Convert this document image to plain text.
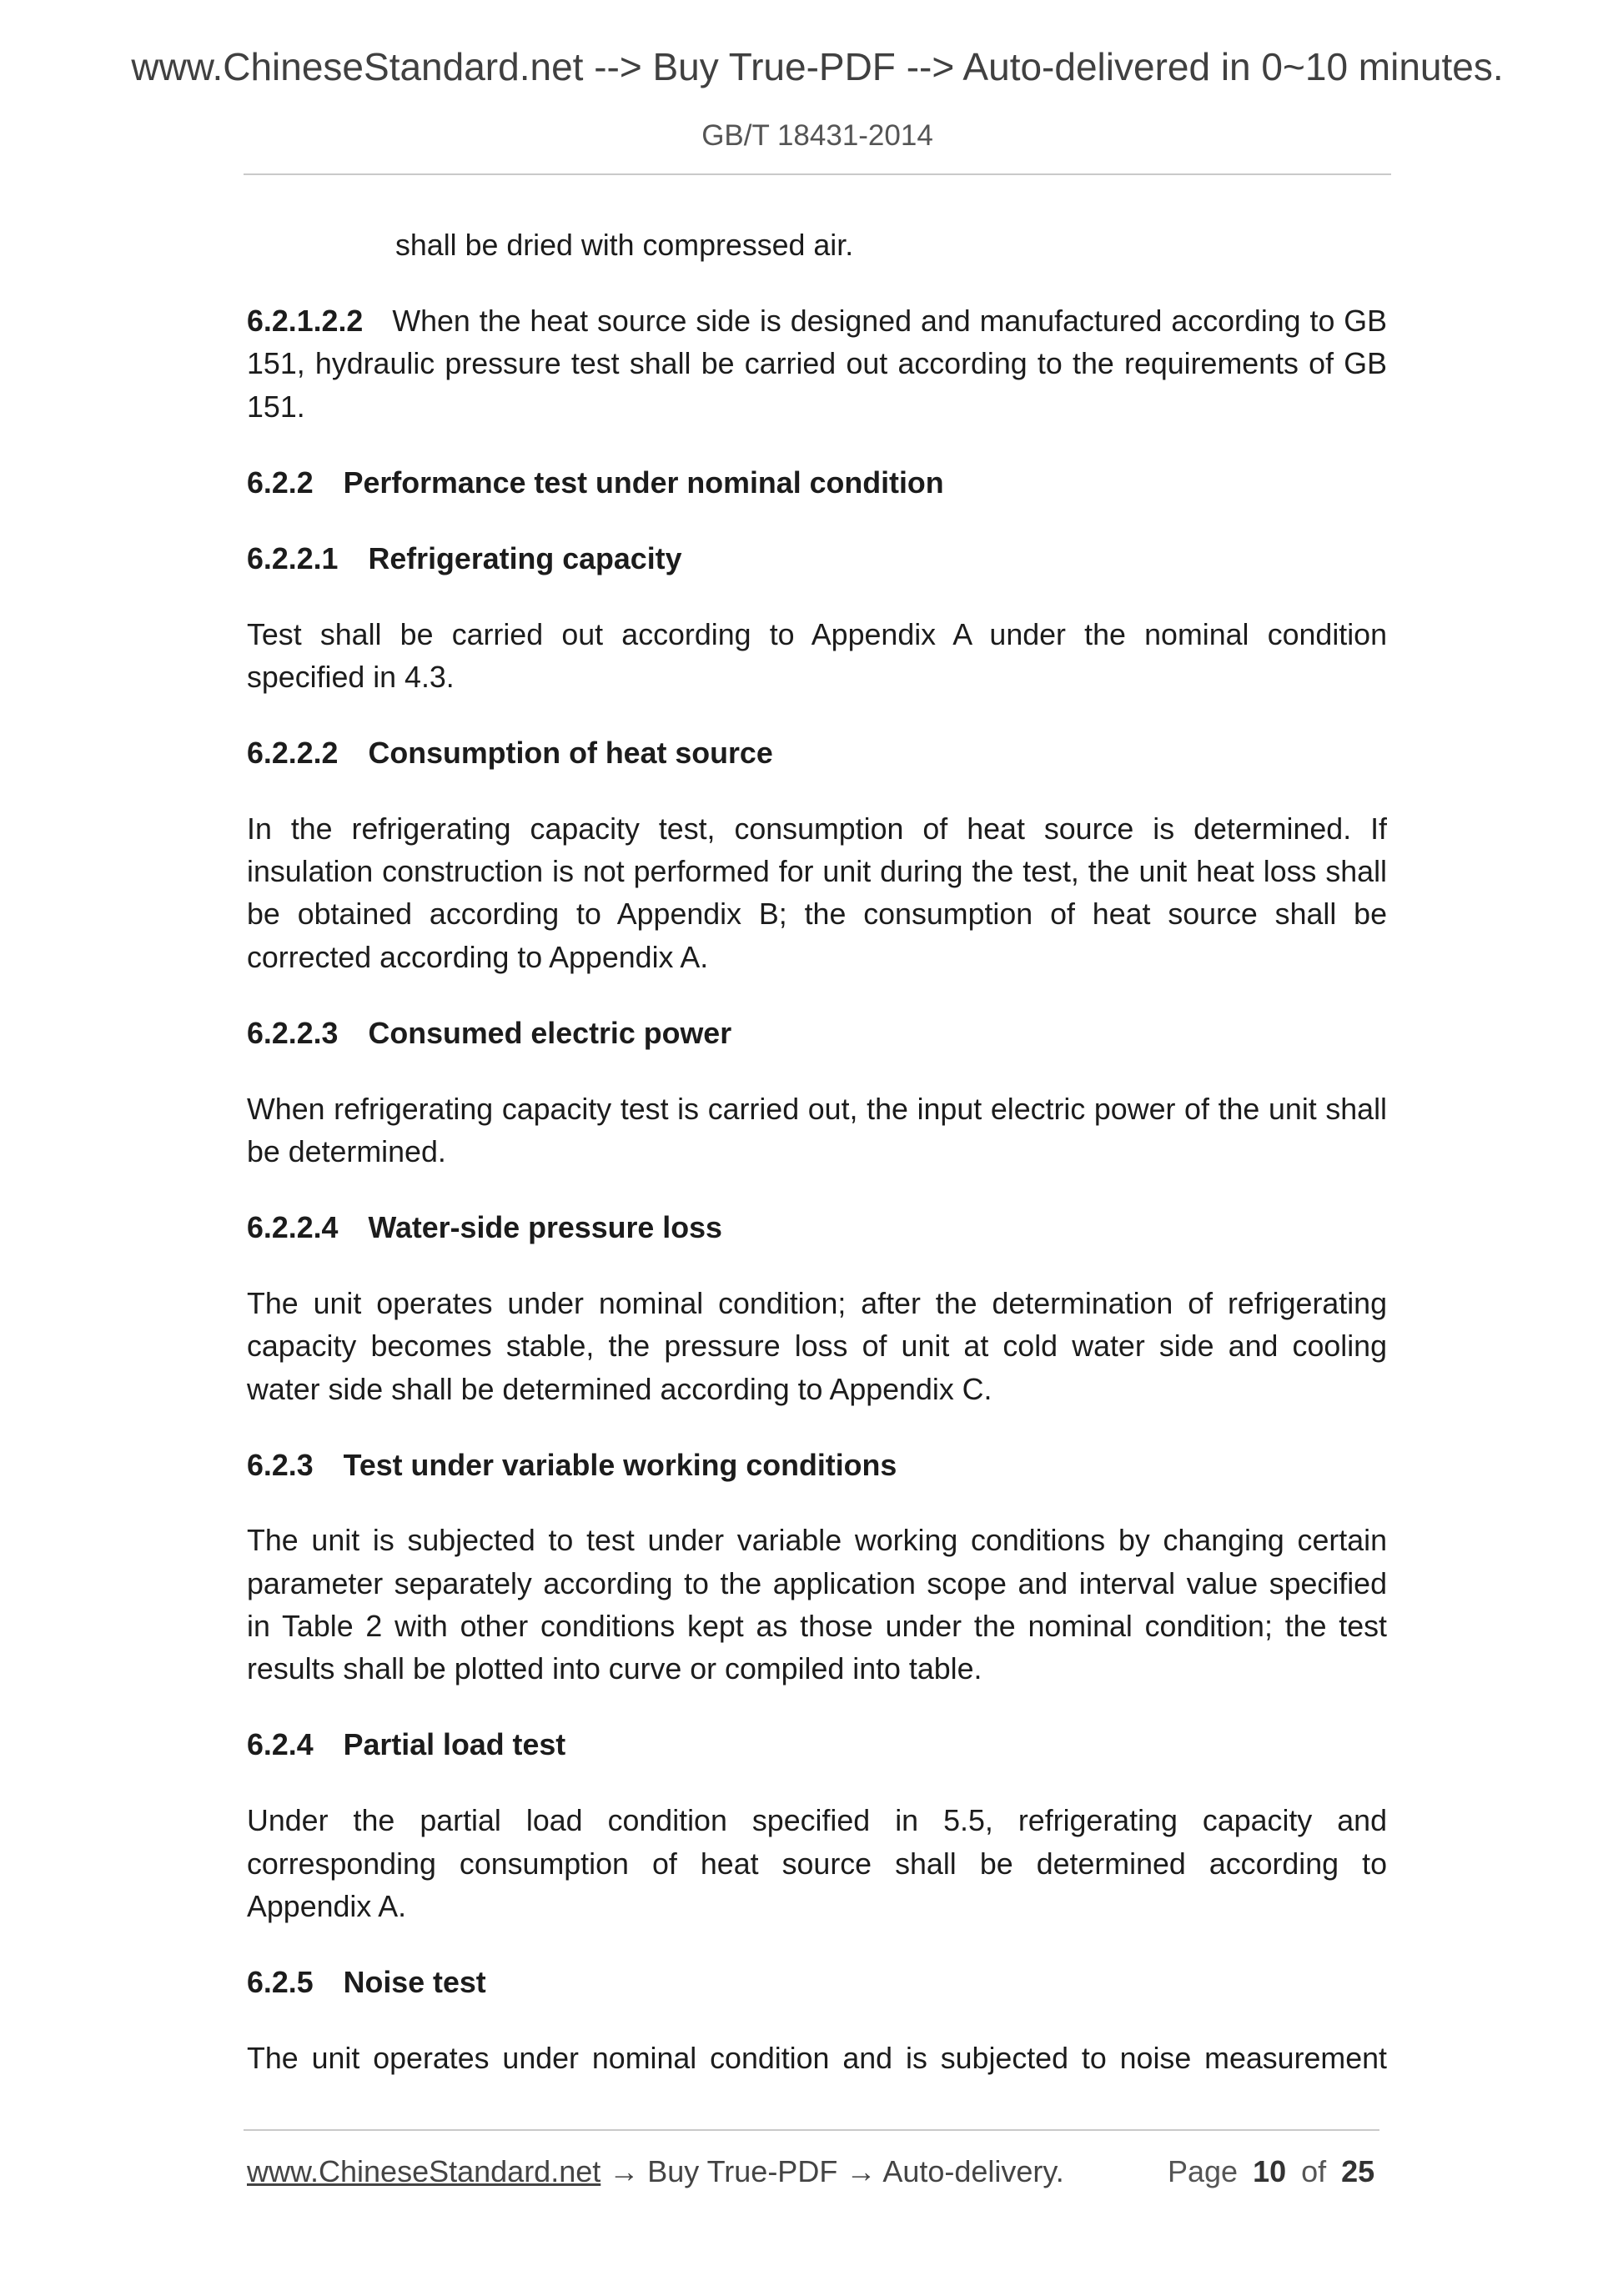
www.ChineseStandard.net --> Buy True-PDF --> Auto-delivered in 0~10 minutes.
GB/T 18431-2014
shall be dried with compressed air.
6.2.1.2.2 When the heat source side is designed and manufactured according to GB
151, hydraulic pressure test shall be carried out according to the requirements of GB
151.
6.2.2 Performance test under nominal condition
6.2.2.1 Refrigerating capacity
Test shall be carried out according to Appendix A under the nominal condition
specified in 4.3.
6.2.2.2 Consumption of heat source
In the refrigerating capacity test, consumption of heat source is determined. If
insulation construction is not performed for unit during the test, the unit heat loss shall
be obtained according to Appendix B; the consumption of heat source shall be
corrected according to Appendix A.
6.2.2.3 Consumed electric power
When refrigerating capacity test is carried out, the input electric power of the unit shall
be determined.
6.2.2.4 Water-side pressure loss
The unit operates under nominal condition; after the determination of refrigerating
capacity becomes stable, the pressure loss of unit at cold water side and cooling
water side shall be determined according to Appendix C.
6.2.3 Test under variable working conditions
The unit is subjected to test under variable working conditions by changing certain
parameter separately according to the application scope and interval value specified
in Table 2 with other conditions kept as those under the nominal condition; the test
results shall be plotted into curve or compiled into table.
6.2.4 Partial load test
Under the partial load condition specified in 5.5, refrigerating capacity and
corresponding consumption of heat source shall be determined according to
Appendix A.
6.2.5 Noise test
The unit operates under nominal condition and is subjected to noise measurement
www.ChineseStandard.net → Buy True-PDF → Auto-delivery.	Page 10 of 25
